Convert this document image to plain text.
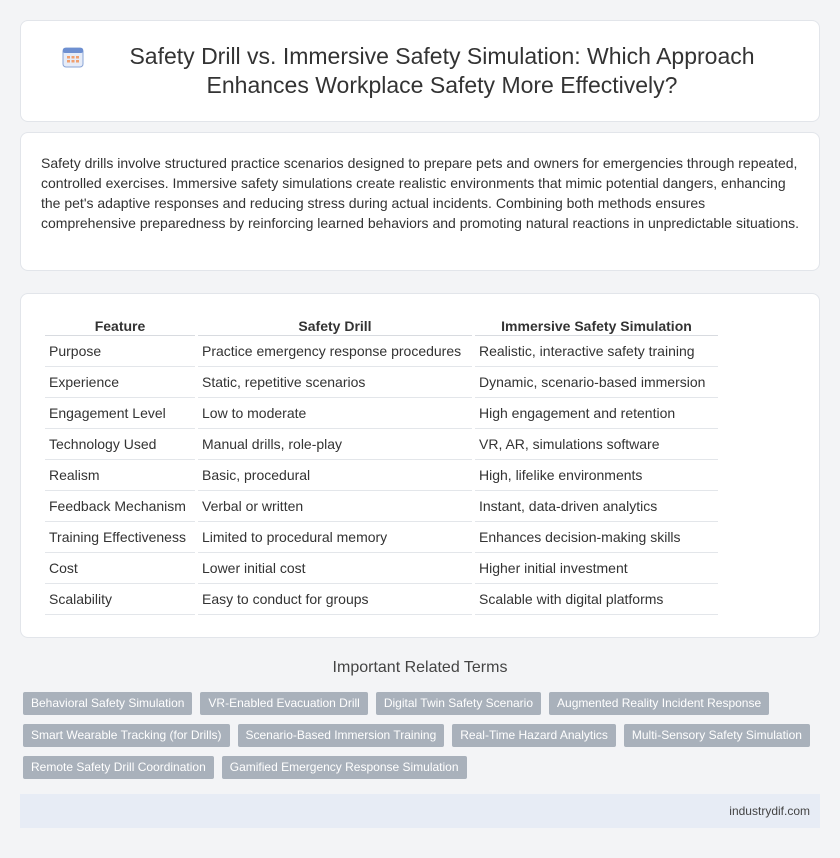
Safety Drill vs. Immersive Safety Simulation: Which Approach Enhances Workplace Safety More Effectively?

Safety drills involve structured practice scenarios designed to prepare pets and owners for emergencies through repeated, controlled exercises. Immersive safety simulations create realistic environments that mimic potential dangers, enhancing the pet's adaptive responses and reducing stress during actual incidents. Combining both methods ensures comprehensive preparedness by reinforcing learned behaviors and promoting natural reactions in unpredictable situations.

Feature	Safety Drill	Immersive Safety Simulation
Purpose	Practice emergency response procedures	Realistic, interactive safety training
Experience	Static, repetitive scenarios	Dynamic, scenario-based immersion
Engagement Level	Low to moderate	High engagement and retention
Technology Used	Manual drills, role-play	VR, AR, simulations software
Realism	Basic, procedural	High, lifelike environments
Feedback Mechanism	Verbal or written	Instant, data-driven analytics
Training Effectiveness	Limited to procedural memory	Enhances decision-making skills
Cost	Lower initial cost	Higher initial investment
Scalability	Easy to conduct for groups	Scalable with digital platforms
Important Related Terms
Behavioral Safety Simulation	VR-Enabled Evacuation Drill	Digital Twin Safety Scenario	Augmented Reality Incident Response
Smart Wearable Tracking (for Drills)	Scenario-Based Immersion Training	Real-Time Hazard Analytics	Multi-Sensory Safety Simulation
Remote Safety Drill Coordination	Gamified Emergency Response Simulation
industrydif.com
